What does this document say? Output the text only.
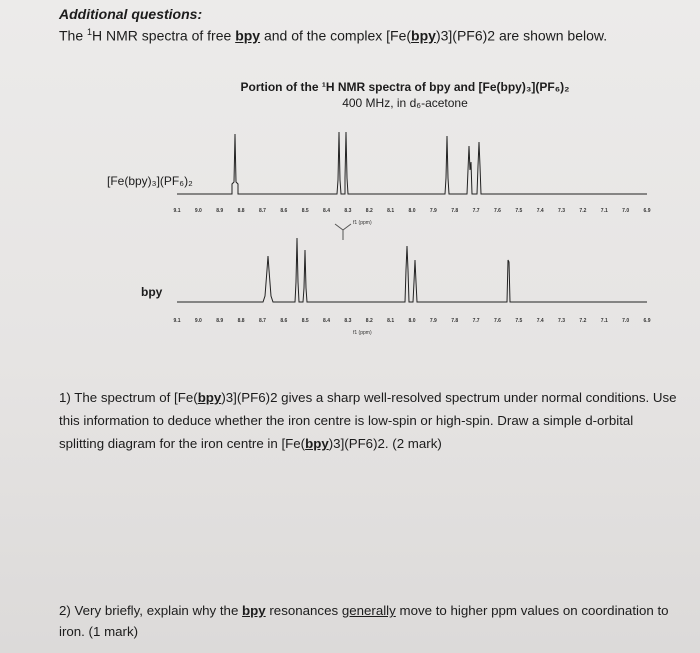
Additional questions:
The $^1$H NMR spectra of free bpy and of the complex [Fe(bpy)3](PF6)2 are shown below.
Portion of the ¹H NMR spectra of bpy and [Fe(bpy)₃](PF₆)₂
400 MHz, in d₆-acetone
[Fe(bpy)₃](PF₆)₂
bpy
9.1	9.0	8.9	8.8	8.7	8.6	8.5	8.4	8.3	8.2	8.1	8.0	7.9	7.8	7.7	7.6	7.5	7.4	7.3	7.2	7.1	7.0	6.9
f1 (ppm)
9.1	9.0	8.9	8.8	8.7	8.6	8.5	8.4	8.3	8.2	8.1	8.0	7.9	7.8	7.7	7.6	7.5	7.4	7.3	7.2	7.1	7.0	6.9
f1 (ppm)
1) The spectrum of [Fe(bpy)3](PF6)2 gives a sharp well-resolved spectrum under normal conditions. Use this information to deduce whether the iron centre is low-spin or high-spin. Draw a simple d-orbital splitting diagram for the iron centre in [Fe(bpy)3](PF6)2. (2 mark)
2) Very briefly, explain why the bpy resonances generally move to higher ppm values on coordination to iron. (1 mark)
